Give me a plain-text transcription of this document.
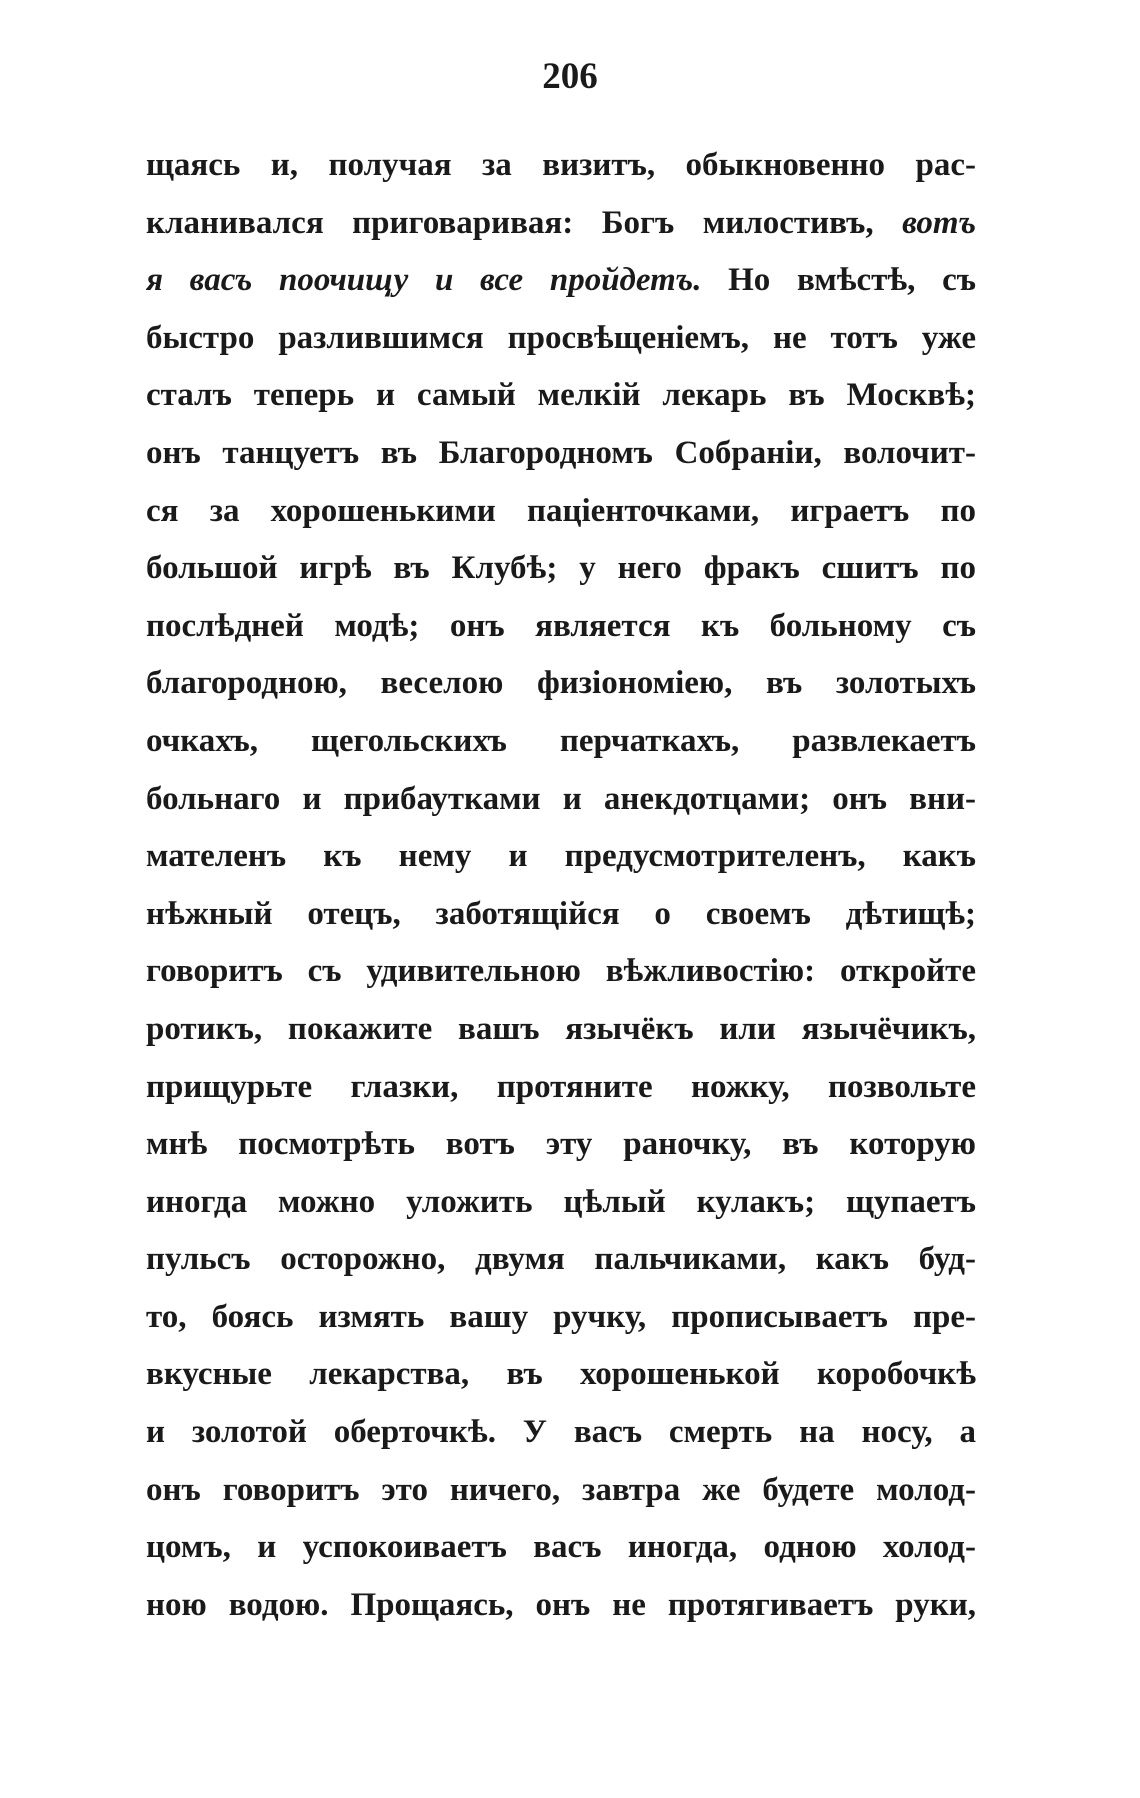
206
щаясь и, получая за визитъ, обыкновенно рас-
кланивался приговаривая: Богъ милостивъ, вотъ
я васъ поочищу и все пройдетъ. Но вмѣстѣ, съ
быстро разлившимся просвѣщеніемъ, не тотъ уже
сталъ теперь и самый мелкій лекарь въ Москвѣ;
онъ танцуетъ въ Благородномъ Собраніи, волочит-
ся за хорошенькими паціенточками, играетъ по
большой игрѣ въ Клубѣ; у него фракъ сшитъ по
послѣдней модѣ; онъ является къ больному съ
благородною, веселою физіономіею, въ золотыхъ
очкахъ, щегольскихъ перчаткахъ, развлекаетъ
больнаго и прибаутками и анекдотцами; онъ вни-
мателенъ къ нему и предусмотрителенъ, какъ
нѣжный отецъ, заботящійся о своемъ дѣтищѣ;
говоритъ съ удивительною вѣжливостію: откройте
ротикъ, покажите вашъ язычёкъ или язычёчикъ,
прищурьте глазки, протяните ножку, позвольте
мнѣ посмотрѣть вотъ эту раночку, въ которую
иногда можно уложить цѣлый кулакъ; щупаетъ
пульсъ осторожно, двумя пальчиками, какъ буд-
то, боясь измять вашу ручку, прописываетъ пре-
вкусные лекарства, въ хорошенькой коробочкѣ
и золотой оберточкѣ. У васъ смерть на носу, а
онъ говоритъ это ничего, завтра же будете молод-
цомъ, и успокоиваетъ васъ иногда, одною холод-
ною водою. Прощаясь, онъ не протягиваетъ руки,
